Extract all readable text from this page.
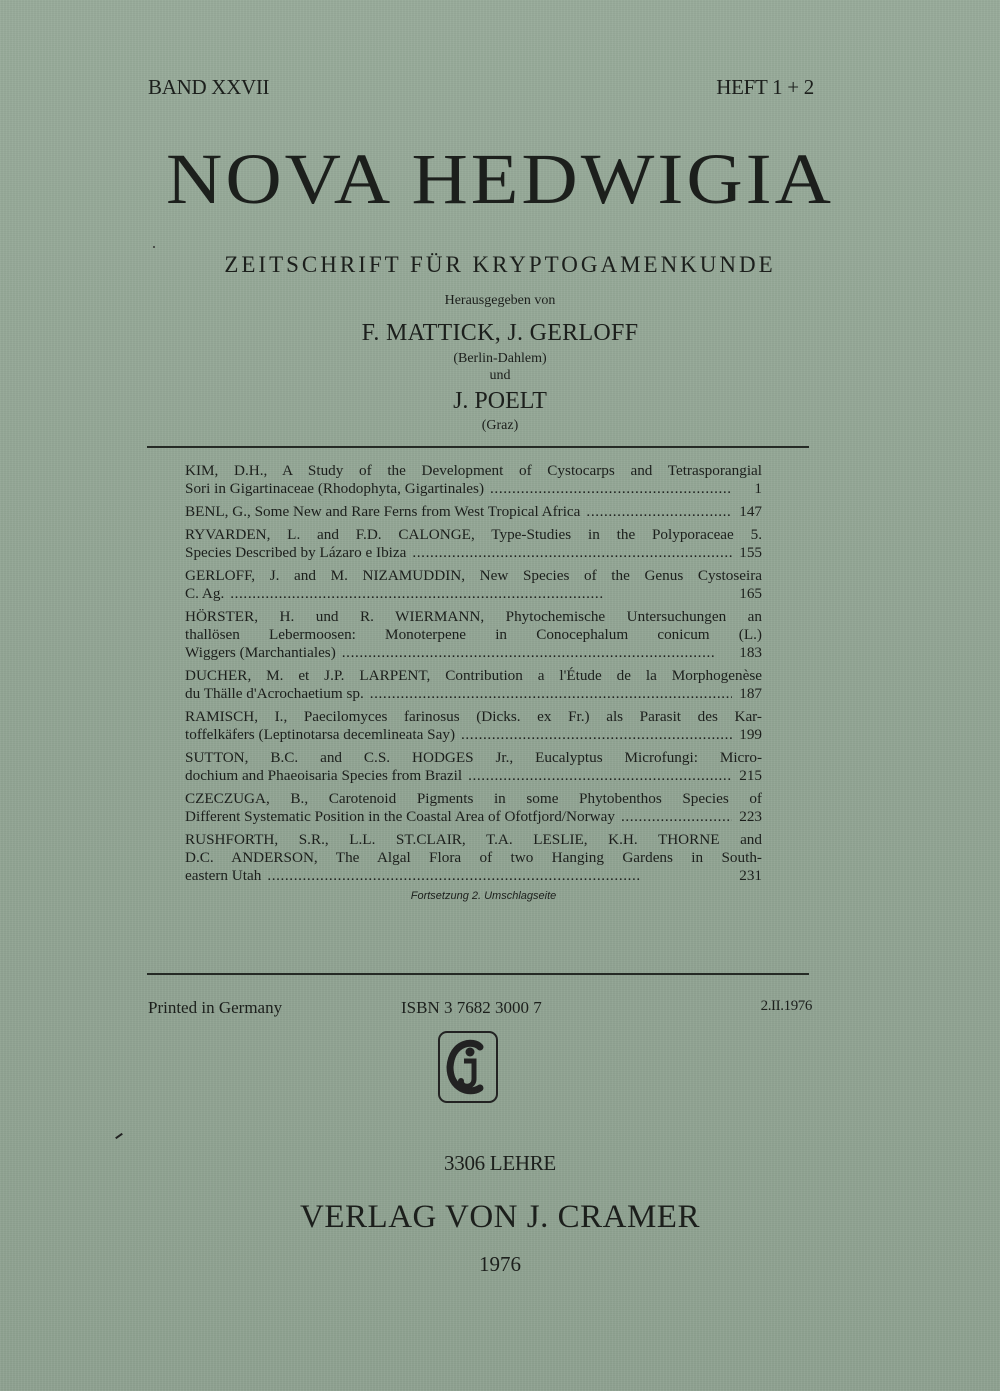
BAND XXVII	HEFT 1 + 2
NOVA HEDWIGIA
ZEITSCHRIFT FÜR KRYPTOGAMENKUNDE
Herausgegeben von
F. MATTICK, J. GERLOFF
(Berlin-Dahlem)
und
J. POELT
(Graz)
KIM, D.H., A Study of the Development of Cystocarps and Tetrasporangial
Sori in Gigartinaceae (Rhodophyta, Gigartinales) . . .	1
BENL, G., Some New and Rare Ferns from West Tropical Africa . . .	147
RYVARDEN, L. and F.D. CALONGE, Type-Studies in the Polyporaceae 5.
Species Described by Lázaro e Ibiza . . .	155
GERLOFF, J. and M. NIZAMUDDIN, New Species of the Genus Cystoseira
C. Ag. . . .	165
HÖRSTER, H. und R. WIERMANN, Phytochemische Untersuchungen an
thallösen Lebermoosen: Monoterpene in Conocephalum conicum (L.)
Wiggers (Marchantiales) . . .	183
DUCHER, M. et J.P. LARPENT, Contribution a l'Étude de la Morphogenèse
du Thälle d'Acrochaetium sp. . . .	187
RAMISCH, I., Paecilomyces farinosus (Dicks. ex Fr.) als Parasit des Kar-
toffelkäfers (Leptinotarsa decemlineata Say) . . .	199
SUTTON, B.C. and C.S. HODGES Jr., Eucalyptus Microfungi: Micro-
dochium and Phaeoisaria Species from Brazil . . .	215
CZECZUGA, B., Carotenoid Pigments in some Phytobenthos Species of
Different Systematic Position in the Coastal Area of Ofotfjord/Norway . . .	223
RUSHFORTH, S.R., L.L. ST.CLAIR, T.A. LESLIE, K.H. THORNE and
D.C. ANDERSON, The Algal Flora of two Hanging Gardens in South-
eastern Utah . . .	231
Fortsetzung 2. Umschlagseite
Printed in Germany	ISBN 3 7682 3000 7	2.II.1976
3306 LEHRE
VERLAG VON J. CRAMER
1976
